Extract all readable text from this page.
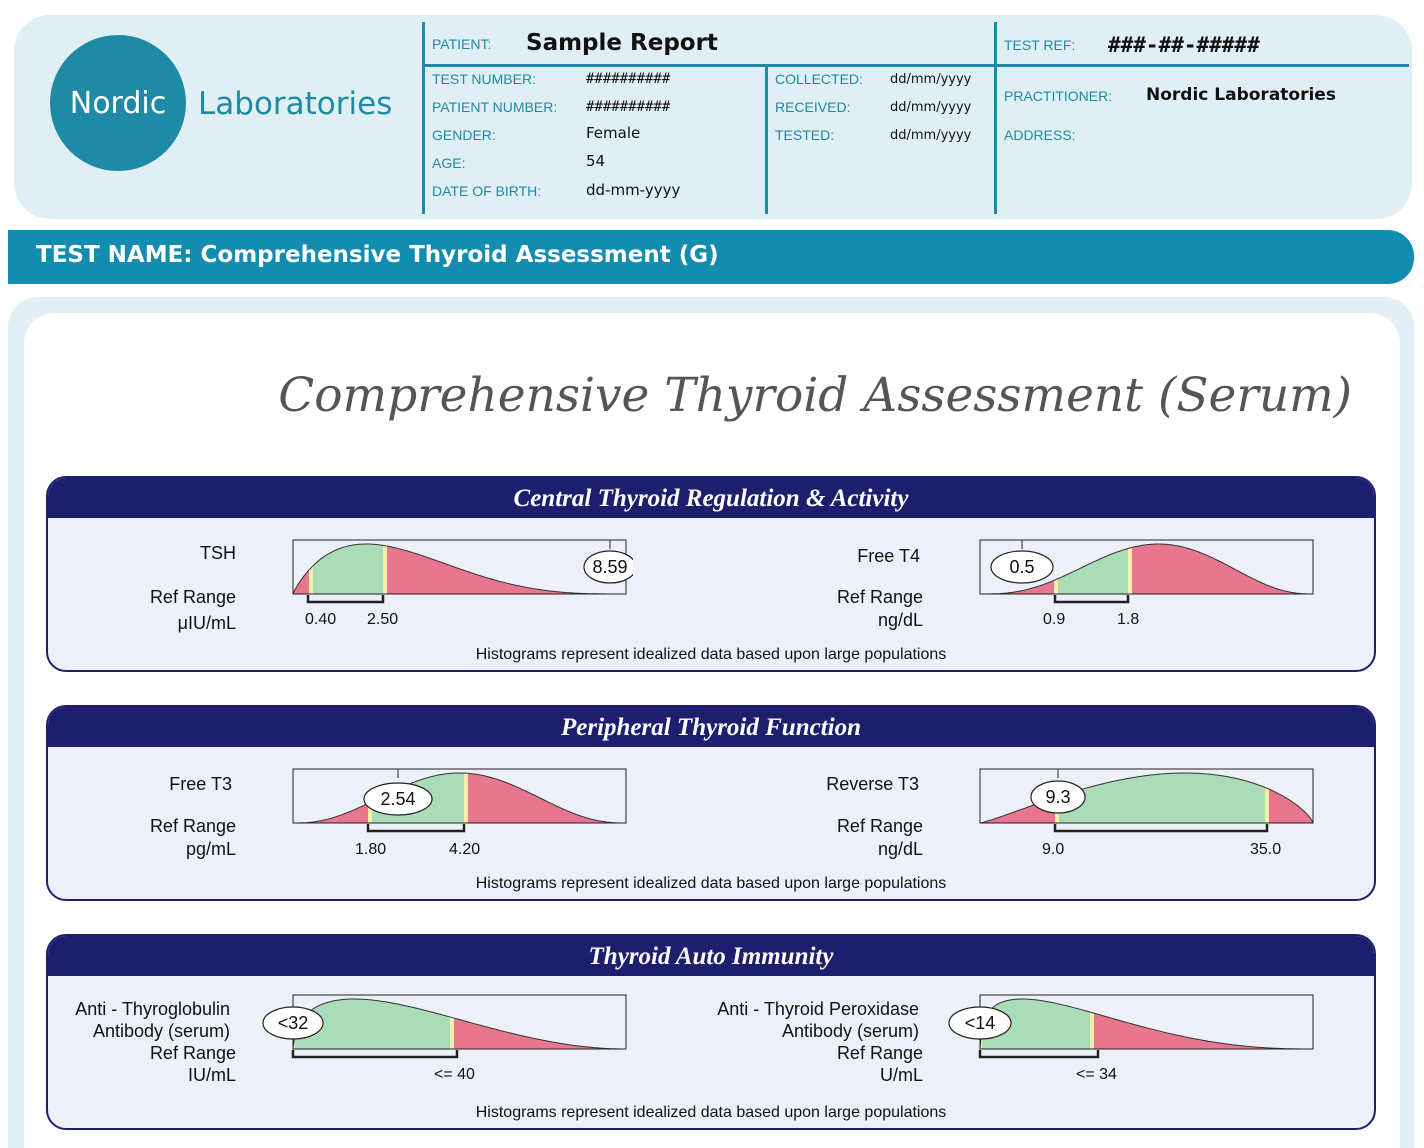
Nordic	Laboratories
PATIENT: Sample Report	TEST REF: ###-##-#####
TEST NUMBER:	##########
PATIENT NUMBER: ##########
GENDER:	Female
AGE:	54
DATE OF BIRTH:	dd-mm-yyyy
COLLECTED: dd/mm/yyyy
RECEIVED:	dd/mm/yyyy
TESTED:	dd/mm/yyyy
PRACTITIONER: Nordic Laboratories
ADDRESS:
TEST NAME: Comprehensive Thyroid Assessment (G)
Comprehensive Thyroid Assessment (Serum)
Central Thyroid Regulation & Activity
Histograms represent idealized data based upon large populations
Peripheral Thyroid Function
Histograms represent idealized data based upon large populations
Thyroid Auto Immunity
Histograms represent idealized data based upon large populations
TSH
Ref Range
μIU/mL
Free T4
Ref Range
ng/dL
Free T3
Ref Range
pg/mL
Reverse T3
Ref Range
ng/dL
Anti - Thyroglobulin
Antibody (serum)
Ref Range
IU/mL
Anti - Thyroid Peroxidase
Antibody (serum)
Ref Range
U/mL
0.40 2.50	0.9	1.8
1.80	4.20	9.0	35.0
<= 40	<= 34
8.59	0.5
2.54	9.3
<32	<14
